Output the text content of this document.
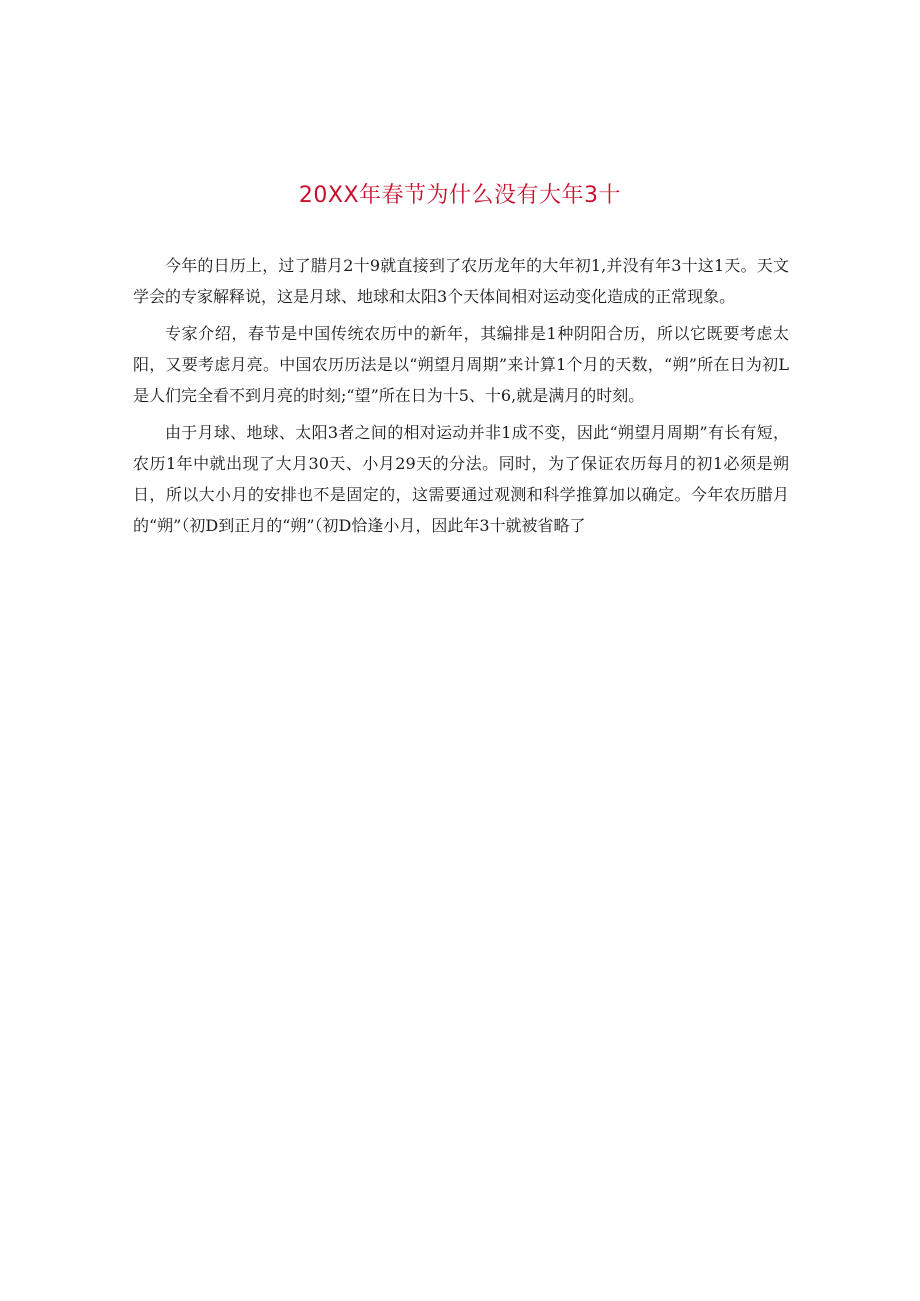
20XX年春节为什么没有大年3十

今年的日历上，过了腊月2十9就直接到了农历龙年的大年初1,并没有年3十这1天。天文学会的专家解释说，这是月球、地球和太阳3个天体间相对运动变化造成的正常现象。

专家介绍，春节是中国传统农历中的新年，其编排是1种阴阳合历，所以它既要考虑太阳，又要考虑月亮。中国农历历法是以“朔望月周期”来计算1个月的天数，“朔”所在日为初L是人们完全看不到月亮的时刻;“望”所在日为十5、十6,就是满月的时刻。

由于月球、地球、太阳3者之间的相对运动并非1成不变，因此“朔望月周期”有长有短，农历1年中就出现了大月30天、小月29天的分法。同时，为了保证农历每月的初1必须是朔日，所以大小月的安排也不是固定的，这需要通过观测和科学推算加以确定。今年农历腊月的“朔”（初D到正月的“朔”（初D恰逢小月，因此年3十就被省略了
